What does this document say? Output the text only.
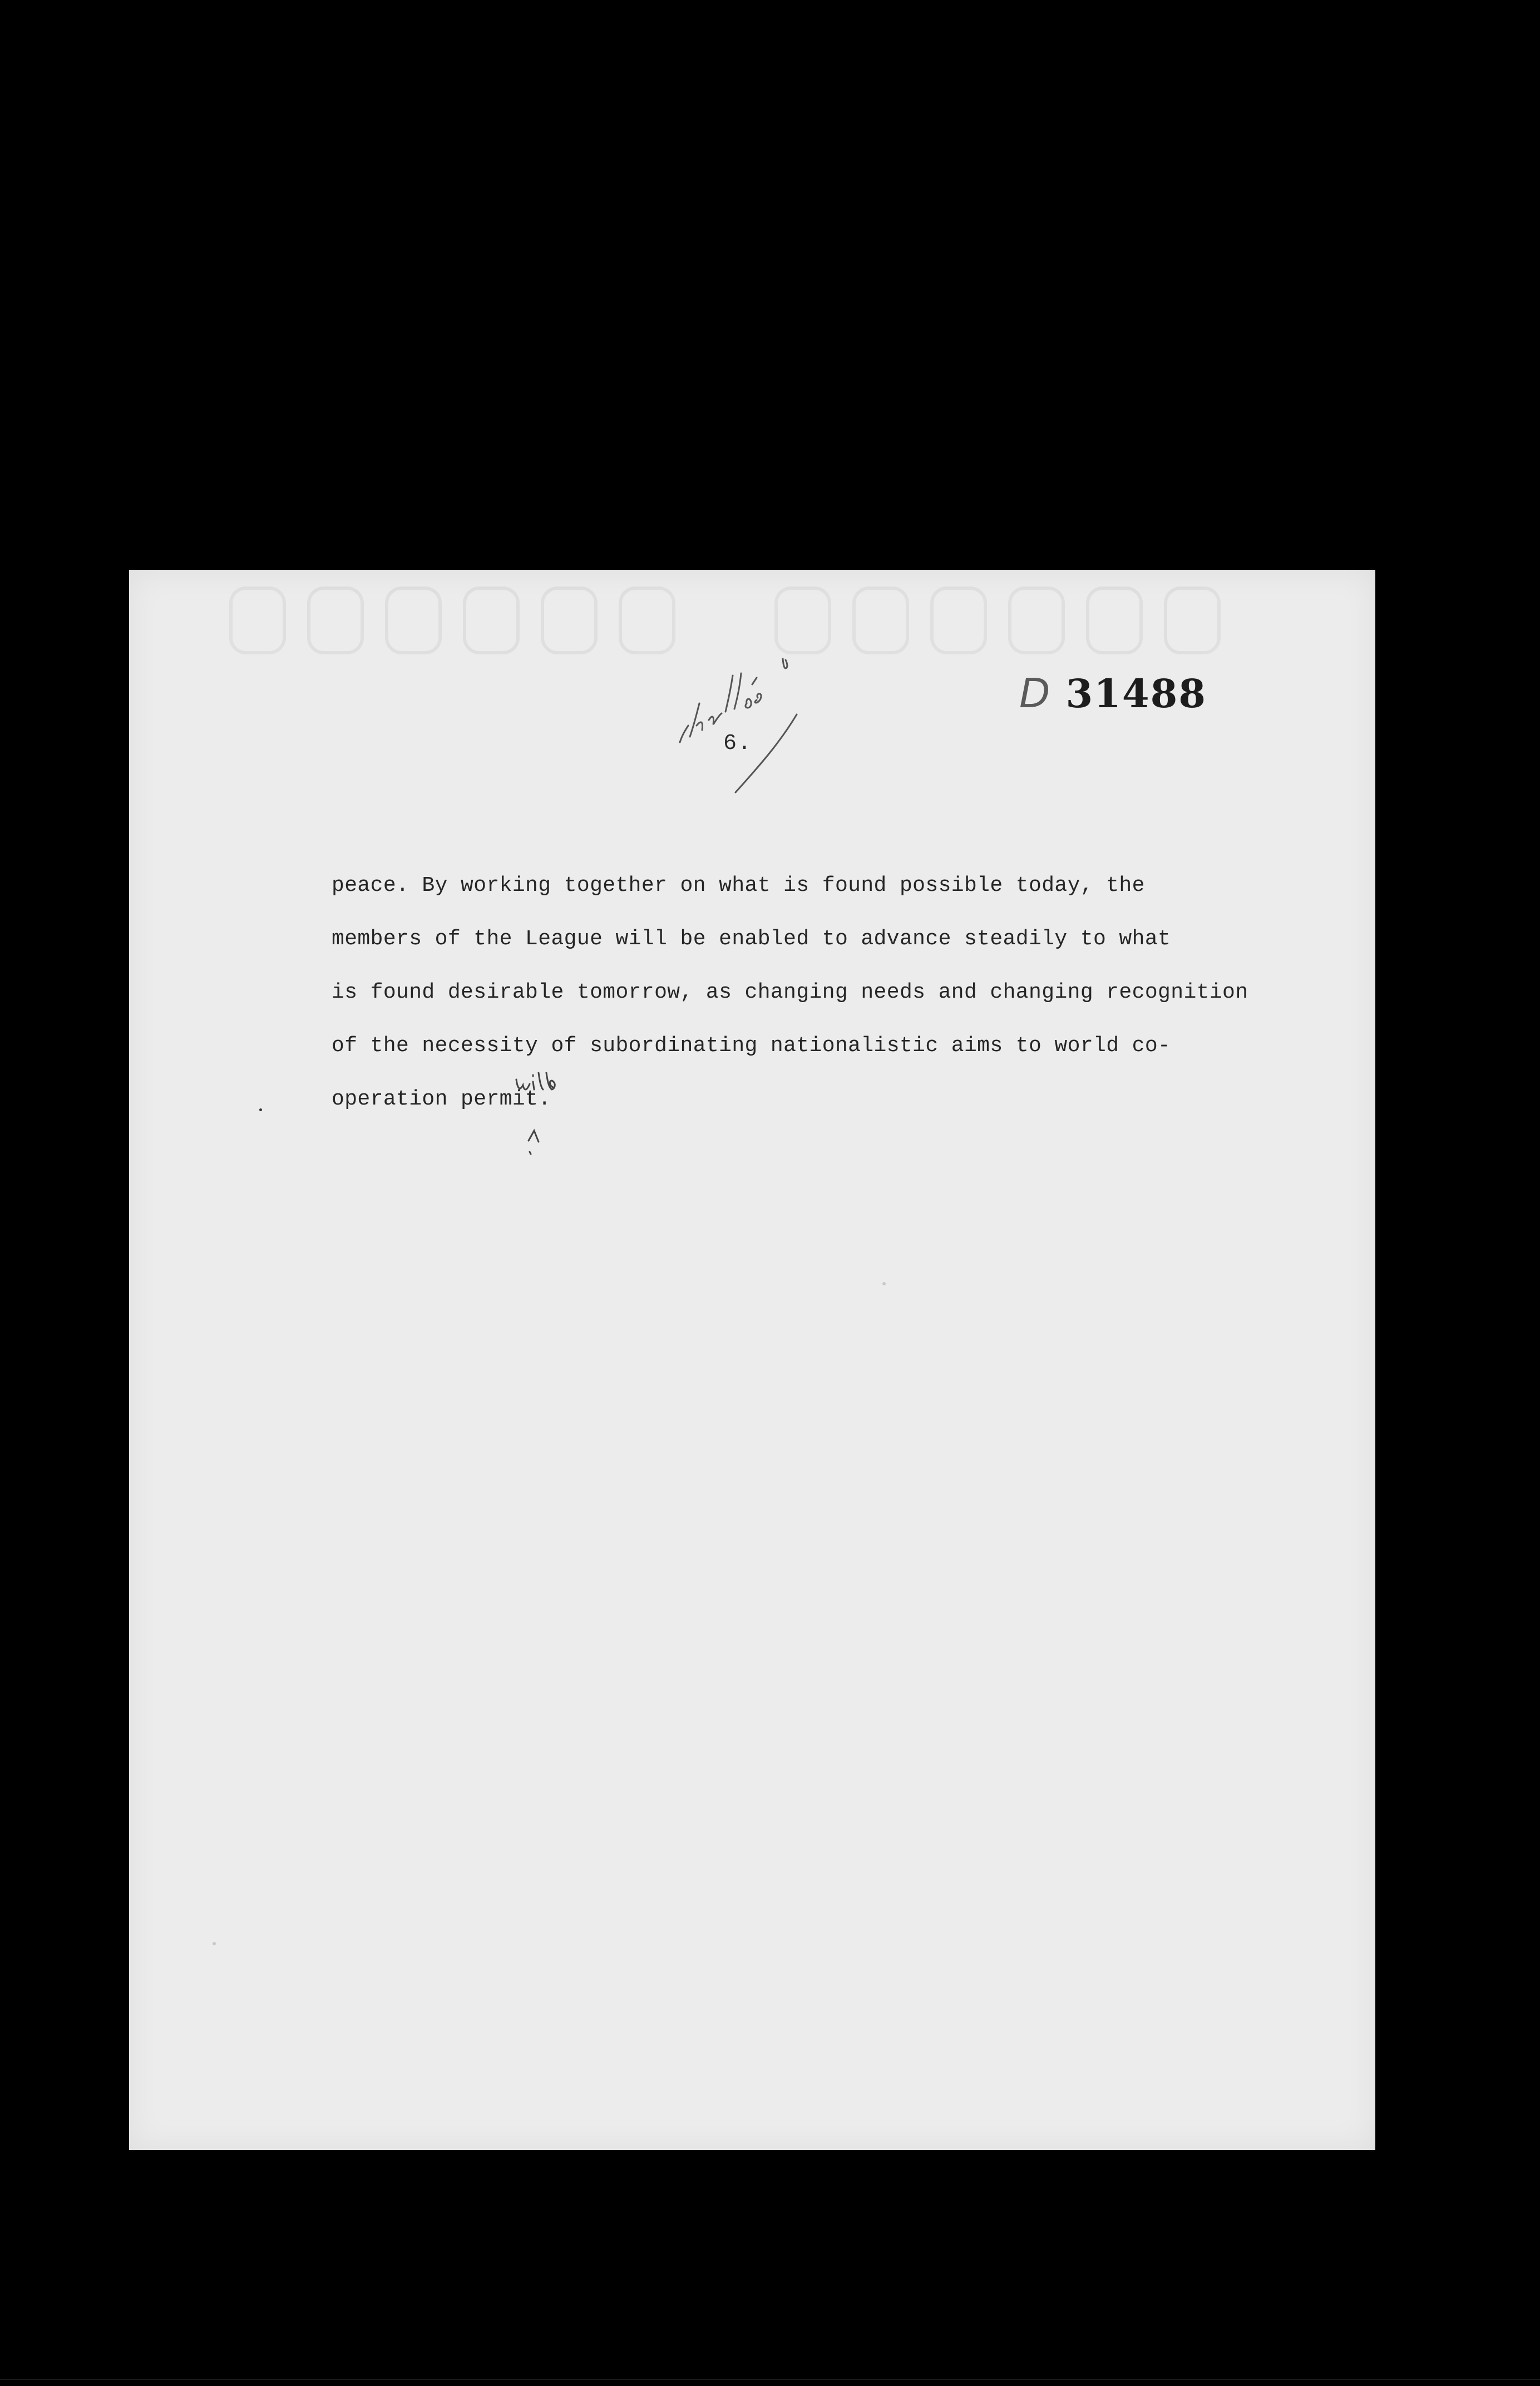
6.
D 31488
peace. By working together on what is found possible today, the
members of the League will be enabled to advance steadily to what
is found desirable tomorrow, as changing needs and changing recognition
of the necessity of subordinating nationalistic aims to world co-
operation permit.
